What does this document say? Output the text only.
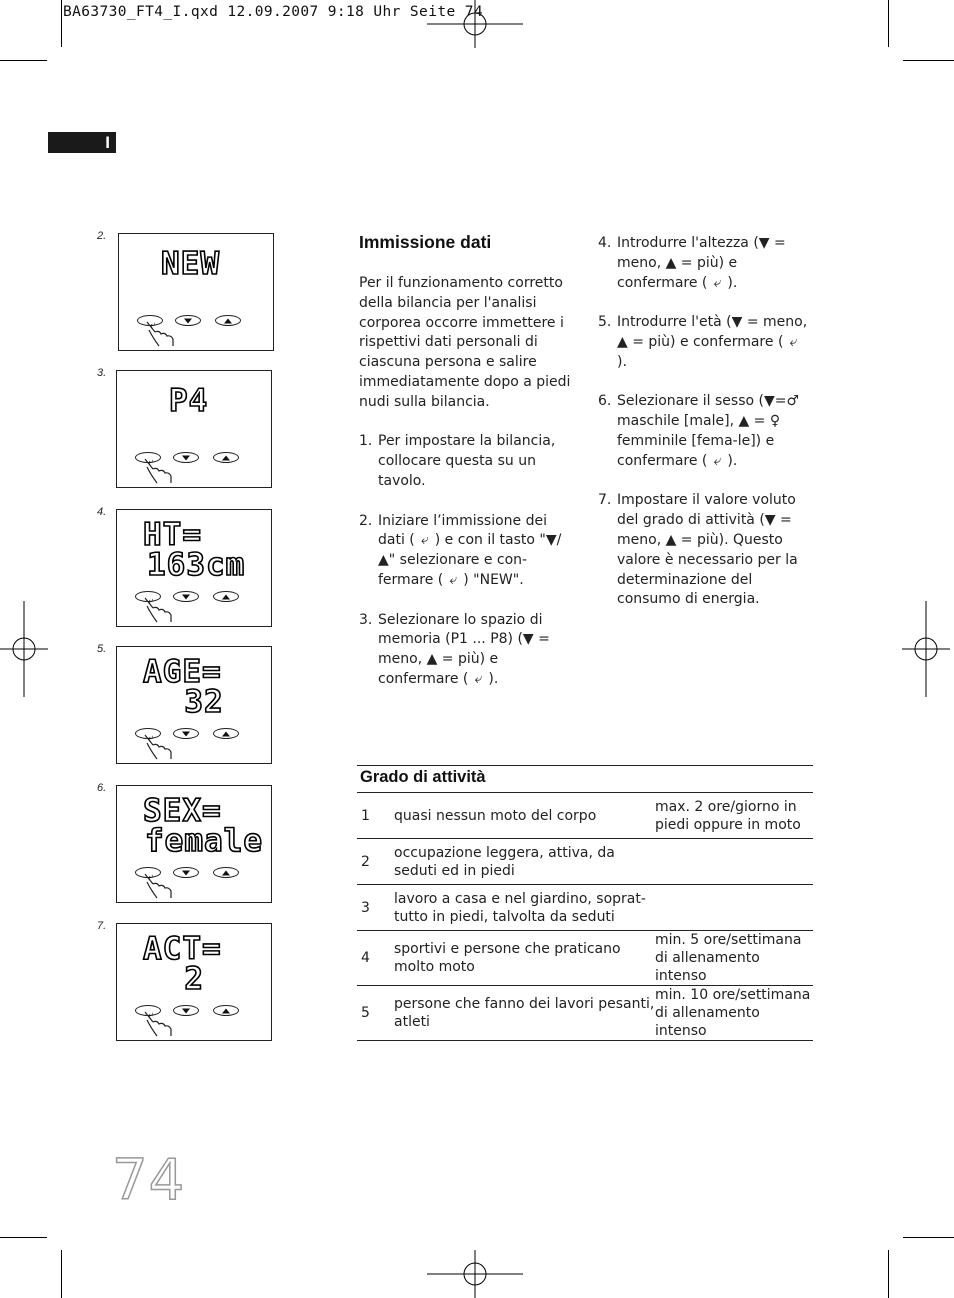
BA63730_FT4_I.qxd 12.09.2007 9:18 Uhr Seite 74
I
2.
NEW
⤶
3.
P4
⤶
4.
HT=
163cm
⤶
5.
AGE=
32
⤶
6.
SEX=
female
⤶
7.
ACT=
2
⤶
Immissione dati

Per il funzionamento corretto della bilancia per l'analisi corporea occorre immettere i rispettivi dati personali di ciascuna persona e salire immediatamente dopo a piedi nudi sulla bilancia.

1. Per impostare la bilancia, collocare questa su un tavolo.
2. Iniziare l’immissione dei dati ( ⤶ ) e con il tasto "▼/▲" selezionare e con-fermare ( ⤶ ) "NEW".
3. Selezionare lo spazio di memoria (P1 ... P8) (▼ = meno, ▲ = più) e confermare ( ⤶ ).
4. Introdurre l'altezza (▼ = meno, ▲ = più) e confermare ( ⤶ ).
5. Introdurre l'età (▼ = meno, ▲ = più) e confermare ( ⤶).
6. Selezionare il sesso (▼=♂ maschile [male], ▲ = ♀ femminile [fema-le]) e confermare ( ⤶ ).
7. Impostare il valore voluto del grado di attività (▼ = meno, ▲ = più). Questo valore è necessario per la determinazione del consumo di energia.
Grado di attività
1	quasi nessun moto del corpo	max. 2 ore/giorno in piedi oppure in moto
2	occupazione leggera, attiva, da seduti ed in piedi	
3	lavoro a casa e nel giardino, soprat-tutto in piedi, talvolta da seduti	
4	sportivi e persone che praticano molto moto	min. 5 ore/settimana di allenamento intenso
5	persone che fanno dei lavori pesanti, atleti	min. 10 ore/settimana di allenamento intenso
74
